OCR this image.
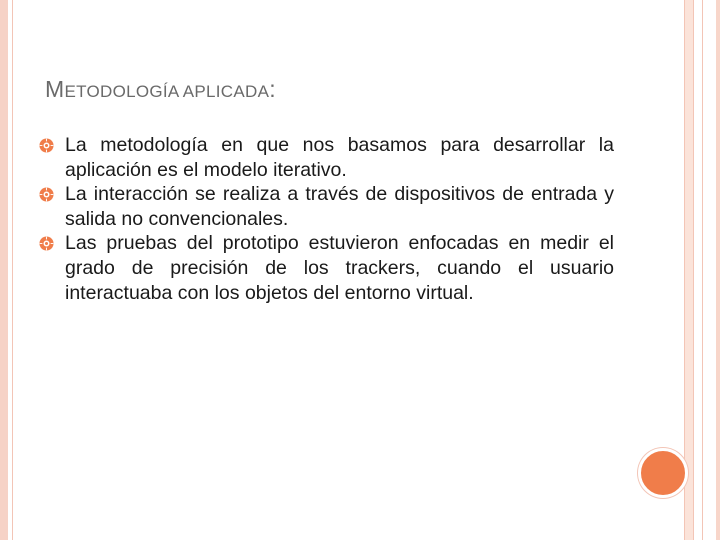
METODOLOGÍA APLICADA:
La metodología en que nos basamos para desarrollar la aplicación es el modelo iterativo.
La interacción se realiza a través de dispositivos de entrada y salida no convencionales.
Las pruebas del prototipo estuvieron enfocadas en medir el grado de precisión de los trackers, cuando el usuario interactuaba con los objetos del entorno virtual.
